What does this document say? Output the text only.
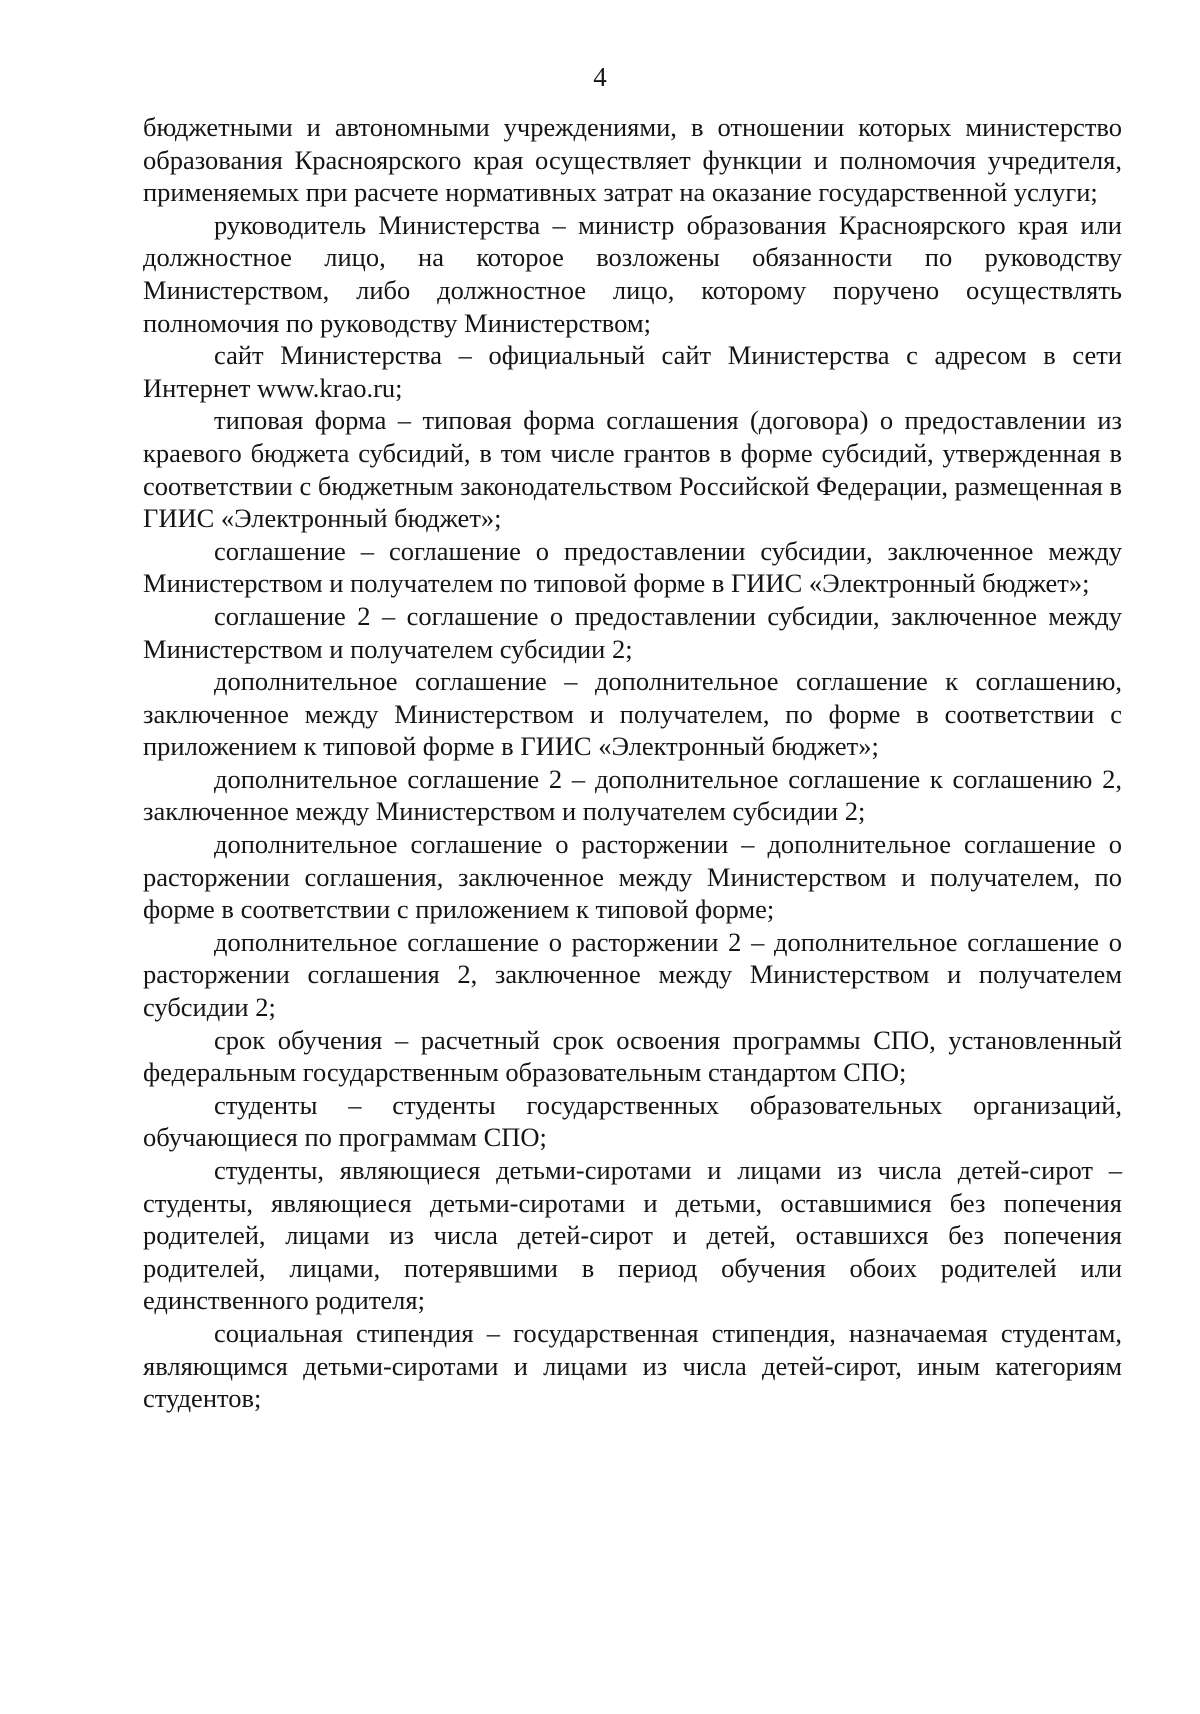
4

бюджетными и автономными учреждениями, в отношении которых министерство образования Красноярского края осуществляет функции и полномочия учредителя, применяемых при расчете нормативных затрат на оказание государственной услуги;

руководитель Министерства – министр образования Красноярского края или должностное лицо, на которое возложены обязанности по руководству Министерством, либо должностное лицо, которому поручено осуществлять полномочия по руководству Министерством;

сайт Министерства – официальный сайт Министерства с адресом в сети Интернет www.krao.ru;

типовая форма – типовая форма соглашения (договора) о предоставлении из краевого бюджета субсидий, в том числе грантов в форме субсидий, утвержденная в соответствии с бюджетным законодательством Российской Федерации, размещенная в ГИИС «Электронный бюджет»;

соглашение – соглашение о предоставлении субсидии, заключенное между Министерством и получателем по типовой форме в ГИИС «Электронный бюджет»;

соглашение 2 – соглашение о предоставлении субсидии, заключенное между Министерством и получателем субсидии 2;

дополнительное соглашение – дополнительное соглашение к соглашению, заключенное между Министерством и получателем, по форме в соответствии с приложением к типовой форме в ГИИС «Электронный бюджет»;

дополнительное соглашение 2 – дополнительное соглашение к соглашению 2, заключенное между Министерством и получателем субсидии 2;

дополнительное соглашение о расторжении – дополнительное соглашение о расторжении соглашения, заключенное между Министерством и получателем, по форме в соответствии с приложением к типовой форме;

дополнительное соглашение о расторжении 2 – дополнительное соглашение о расторжении соглашения 2, заключенное между Министерством и получателем субсидии 2;

срок обучения – расчетный срок освоения программы СПО, установленный федеральным государственным образовательным стандартом СПО;

студенты – студенты государственных образовательных организаций, обучающиеся по программам СПО;

студенты, являющиеся детьми-сиротами и лицами из числа детей-сирот – студенты, являющиеся детьми-сиротами и детьми, оставшимися без попечения родителей, лицами из числа детей-сирот и детей, оставшихся без попечения родителей, лицами, потерявшими в период обучения обоих родителей или единственного родителя;

социальная стипендия – государственная стипендия, назначаемая студентам, являющимся детьми-сиротами и лицами из числа детей-сирот, иным категориям студентов;
